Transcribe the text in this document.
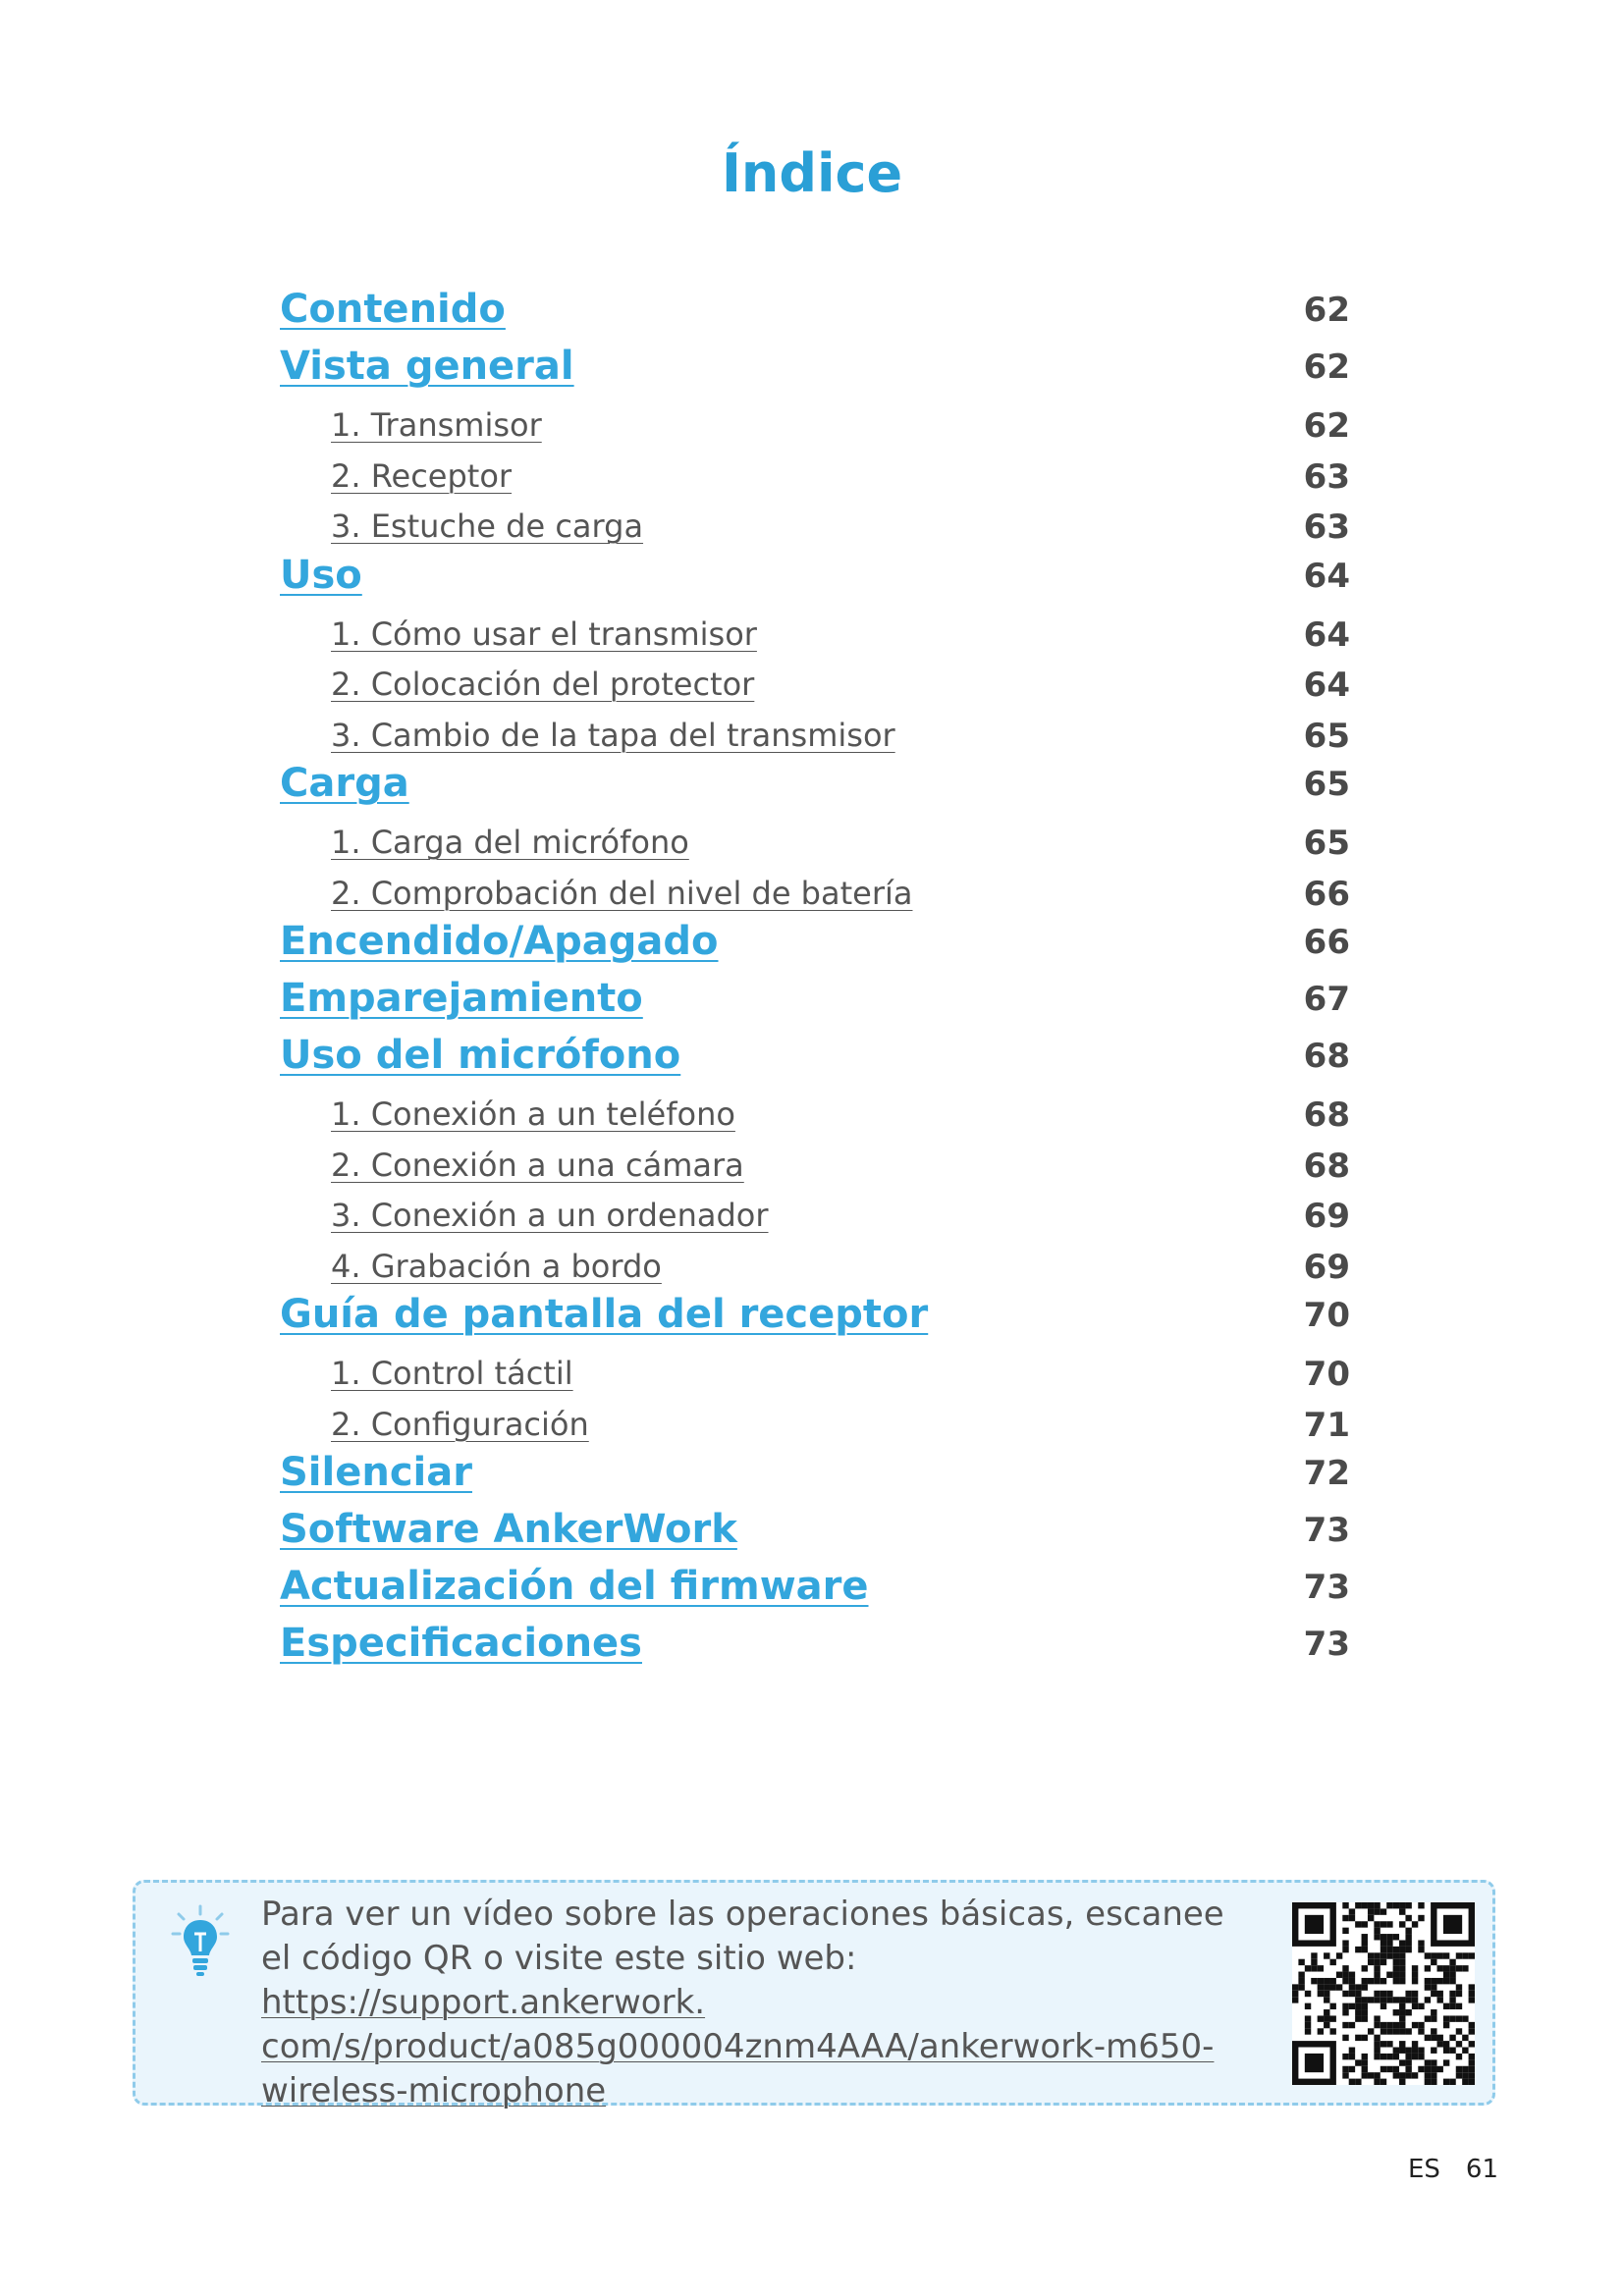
Índice
Contenido	62
Vista general	62
1. Transmisor	62
2. Receptor	63
3. Estuche de carga	63
Uso	64
1. Cómo usar el transmisor	64
2. Colocación del protector	64
3. Cambio de la tapa del transmisor	65
Carga	65
1. Carga del micrófono	65
2. Comprobación del nivel de batería	66
Encendido/Apagado	66
Emparejamiento	67
Uso del micrófono	68
1. Conexión a un teléfono	68
2. Conexión a una cámara	68
3. Conexión a un ordenador	69
4. Grabación a bordo	69
Guía de pantalla del receptor	70
1. Control táctil	70
2. Configuración	71
Silenciar	72
Software AnkerWork	73
Actualización del firmware	73
Especificaciones	73
Para ver un vídeo sobre las operaciones básicas, escanee el código QR o visite este sitio web: https://support.ankerwork.
com/s/product/a085g000004znm4AAA/ankerwork-m650-
wireless-microphone
ES 61
